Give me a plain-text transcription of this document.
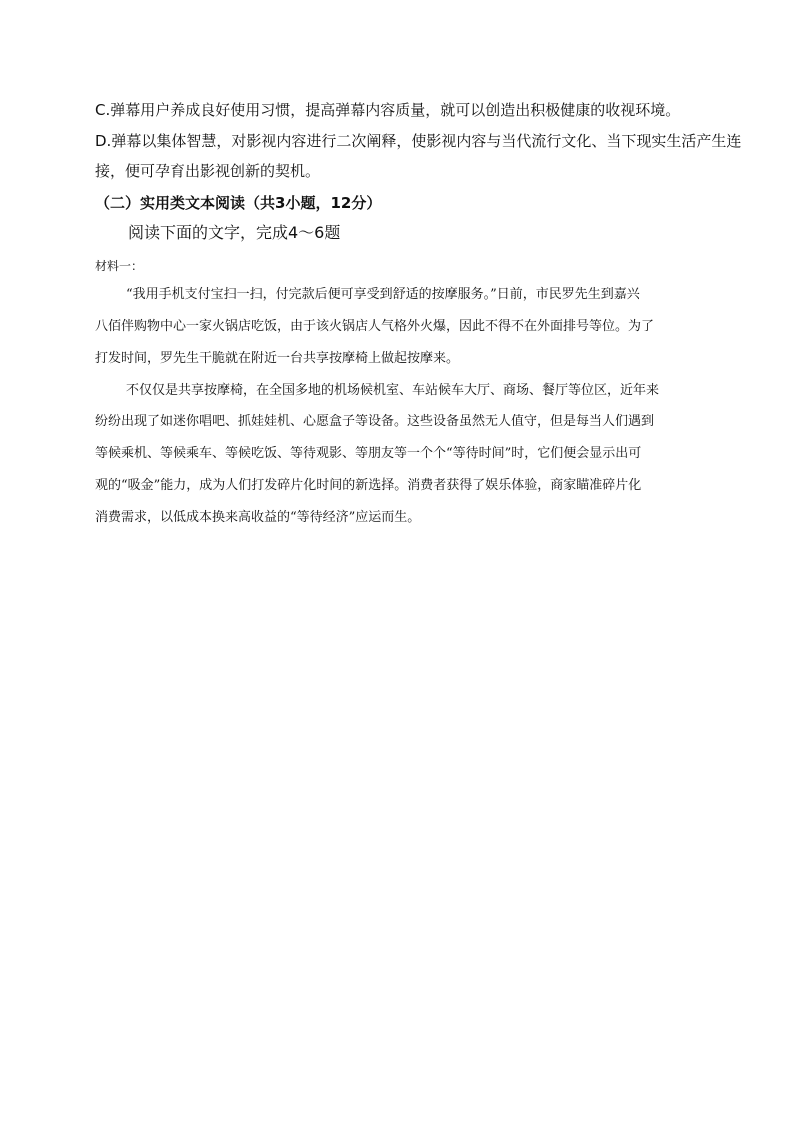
C.弹幕用户养成良好使用习惯，提高弹幕内容质量，就可以创造出积极健康的收视环境。
D.弹幕以集体智慧，对影视内容进行二次阐释，使影视内容与当代流行文化、当下现实生活产生连
接，便可孕育出影视创新的契机。
（二）实用类文本阅读（共3小题，12分）
阅读下面的文字，完成4～6题
材料一：
“我用手机支付宝扫一扫，付完款后便可享受到舒适的按摩服务。”日前，市民罗先生到嘉兴
八佰伴购物中心一家火锅店吃饭，由于该火锅店人气格外火爆，因此不得不在外面排号等位。为了
打发时间，罗先生干脆就在附近一台共享按摩椅上做起按摩来。
不仅仅是共享按摩椅，在全国多地的机场候机室、车站候车大厅、商场、餐厅等位区，近年来
纷纷出现了如迷你唱吧、抓娃娃机、心愿盒子等设备。这些设备虽然无人值守，但是每当人们遇到
等候乘机、等候乘车、等候吃饭、等待观影、等朋友等一个个“等待时间”时，它们便会显示出可
观的“吸金”能力，成为人们打发碎片化时间的新选择。消费者获得了娱乐体验，商家瞄准碎片化
消费需求，以低成本换来高收益的“等待经济”应运而生。
